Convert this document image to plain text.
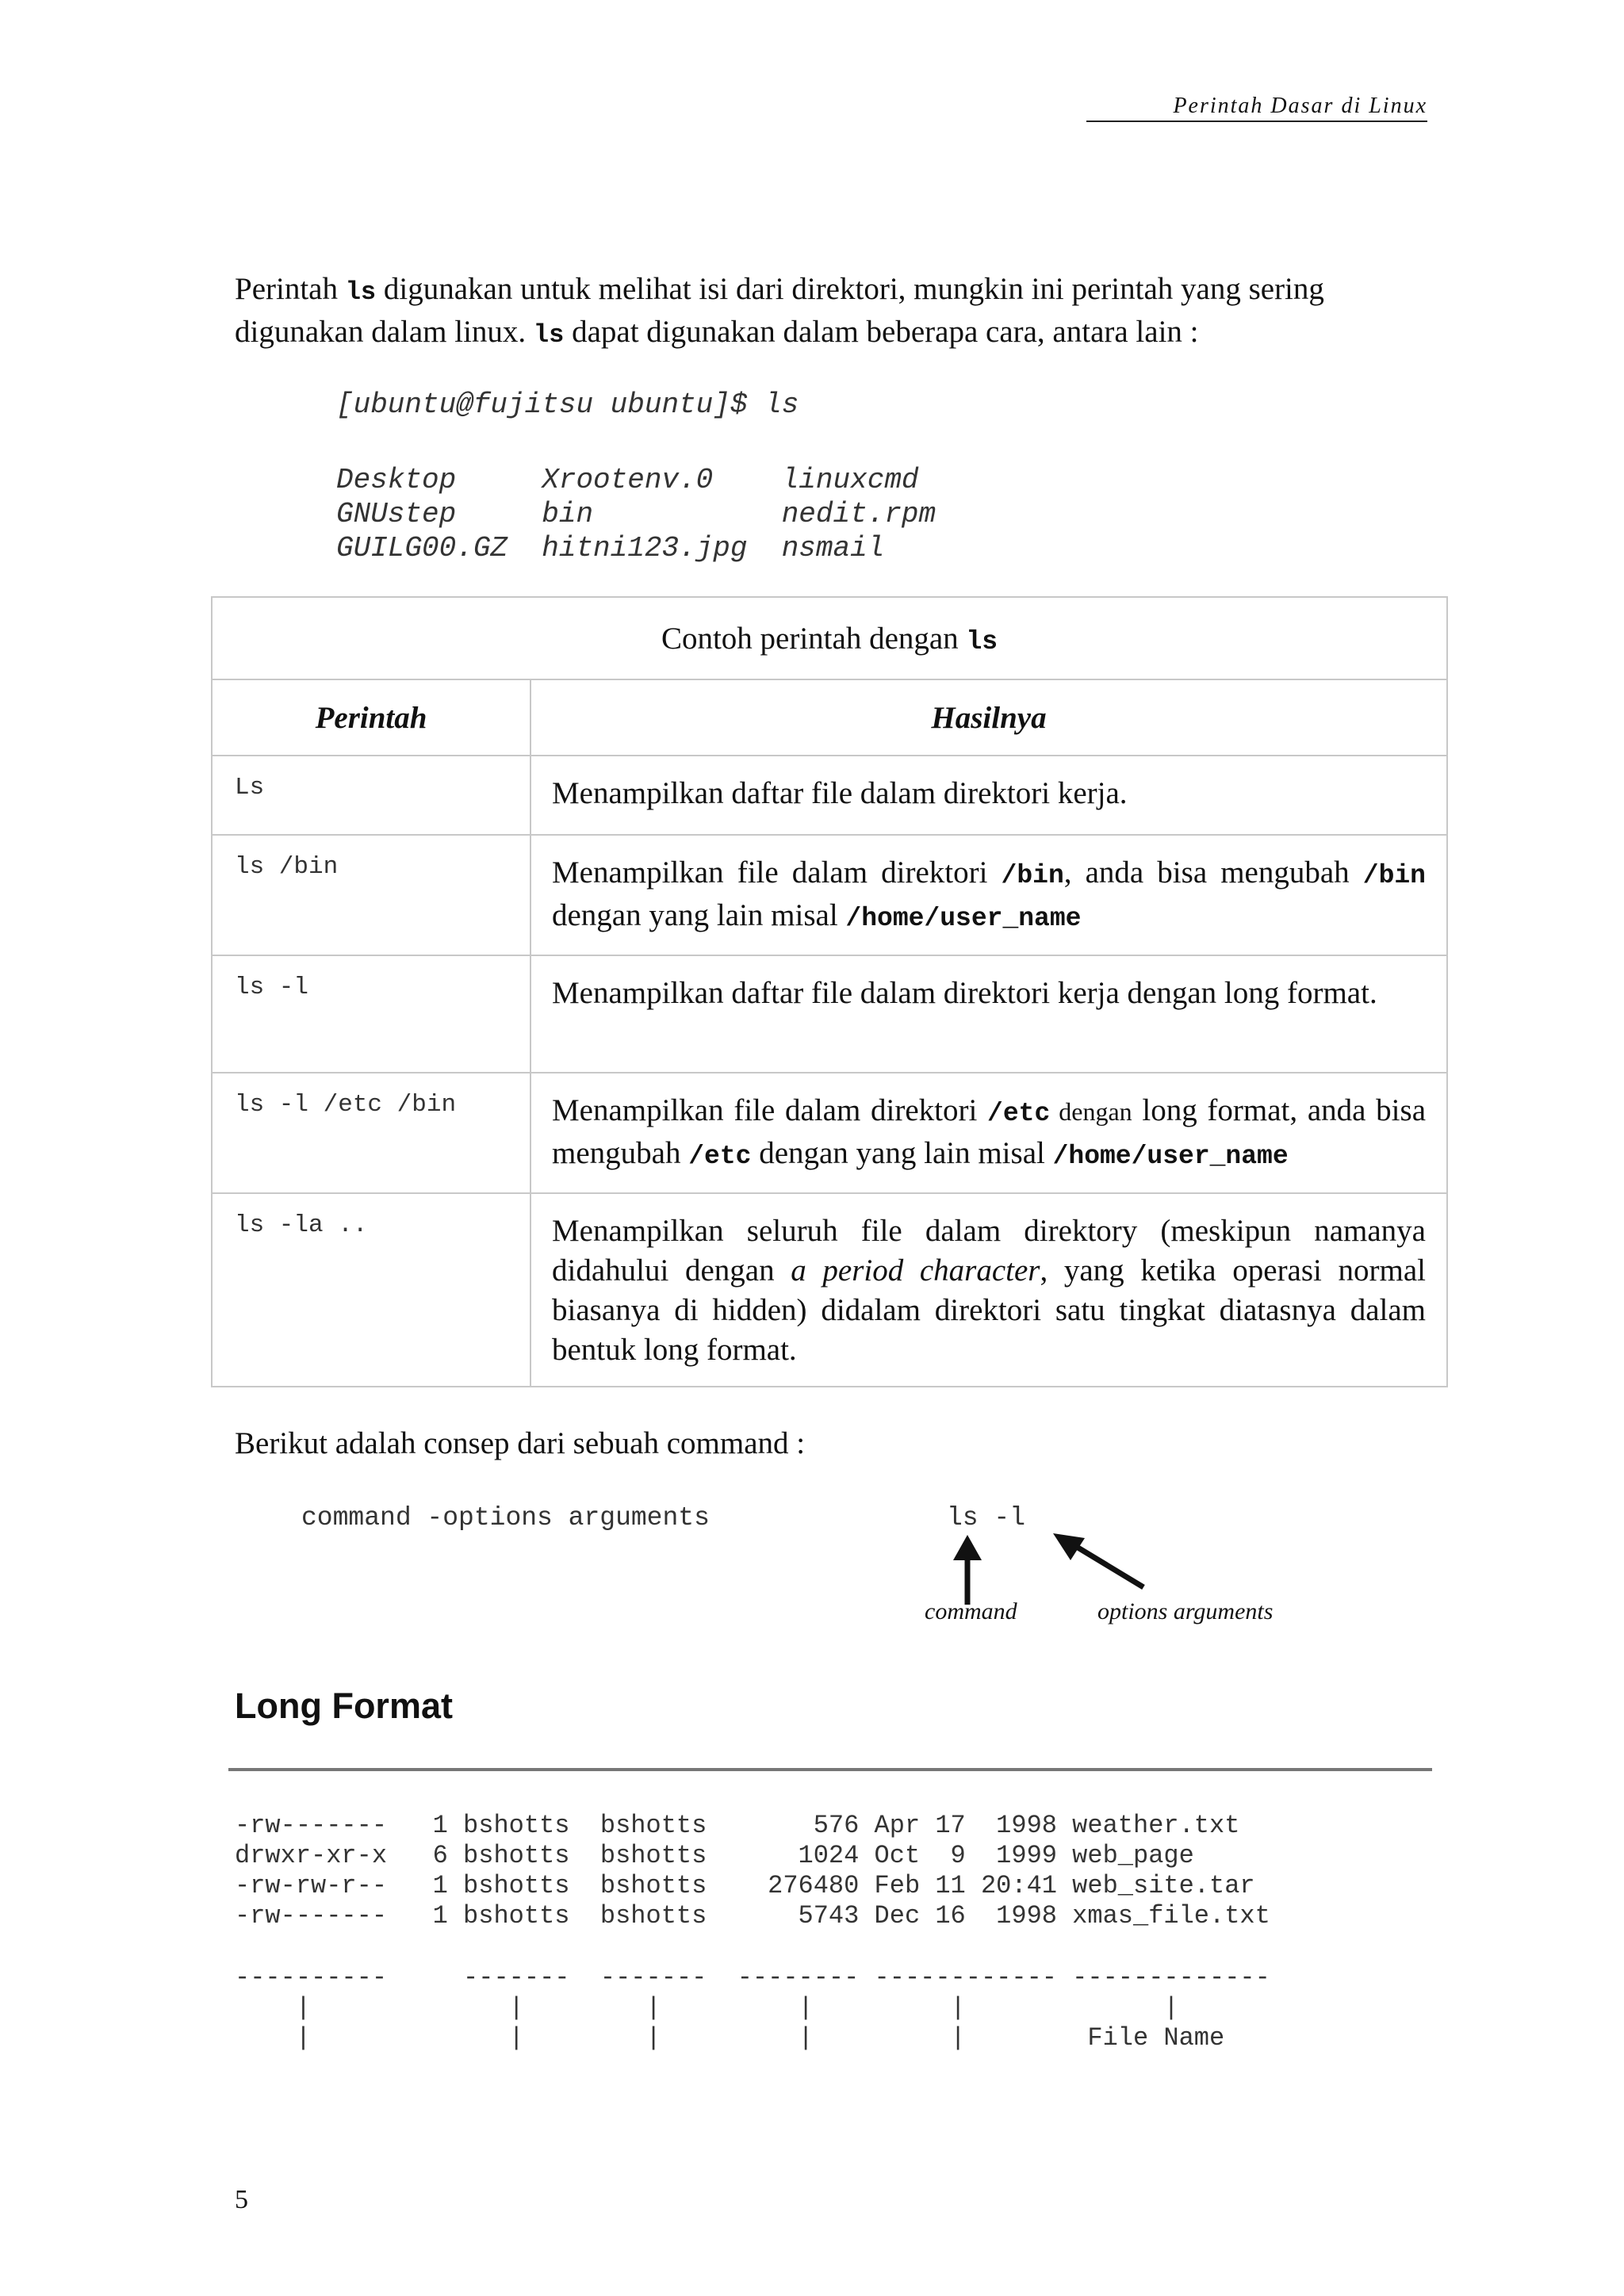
Perintah Dasar di Linux
Perintah ls digunakan untuk melihat isi dari direktori, mungkin ini perintah yang sering digunakan dalam linux. ls dapat digunakan dalam beberapa cara, antara lain :
[ubuntu@fujitsu ubuntu]$ ls
Desktop     Xrootenv.0    linuxcmd
GNUstep     bin           nedit.rpm
GUILG00.GZ  hitni123.jpg  nsmail
Contoh perintah dengan ls	
Perintah	Hasilnya
Ls	Menampilkan daftar file dalam direktori kerja.
ls /bin	Menampilkan file dalam direktori /bin, anda bisa mengubah /bin dengan yang lain misal /home/user_name
ls -l	Menampilkan daftar file dalam direktori kerja dengan long format.
ls -l /etc /bin	Menampilkan file dalam direktori /etc dengan long format, anda bisa mengubah /etc dengan yang lain misal /home/user_name
ls -la ..	Menampilkan seluruh file dalam direktory (meskipun namanya didahului dengan a period character, yang ketika operasi normal biasanya di hidden) didalam direktori satu tingkat diatasnya dalam bentuk long format.
Berikut adalah consep dari sebuah command :
command -options arguments	ls -l
command	options arguments
Long Format
-rw-------   1 bshotts  bshotts       576 Apr 17  1998 weather.txt
drwxr-xr-x   6 bshotts  bshotts      1024 Oct  9  1999 web_page
-rw-rw-r--   1 bshotts  bshotts    276480 Feb 11 20:41 web_site.tar
-rw-------   1 bshotts  bshotts      5743 Dec 16  1998 xmas_file.txt
----------     -------  -------  -------- ------------ -------------
|             |        |         |         |             |
|             |        |         |         |        File Name
5
